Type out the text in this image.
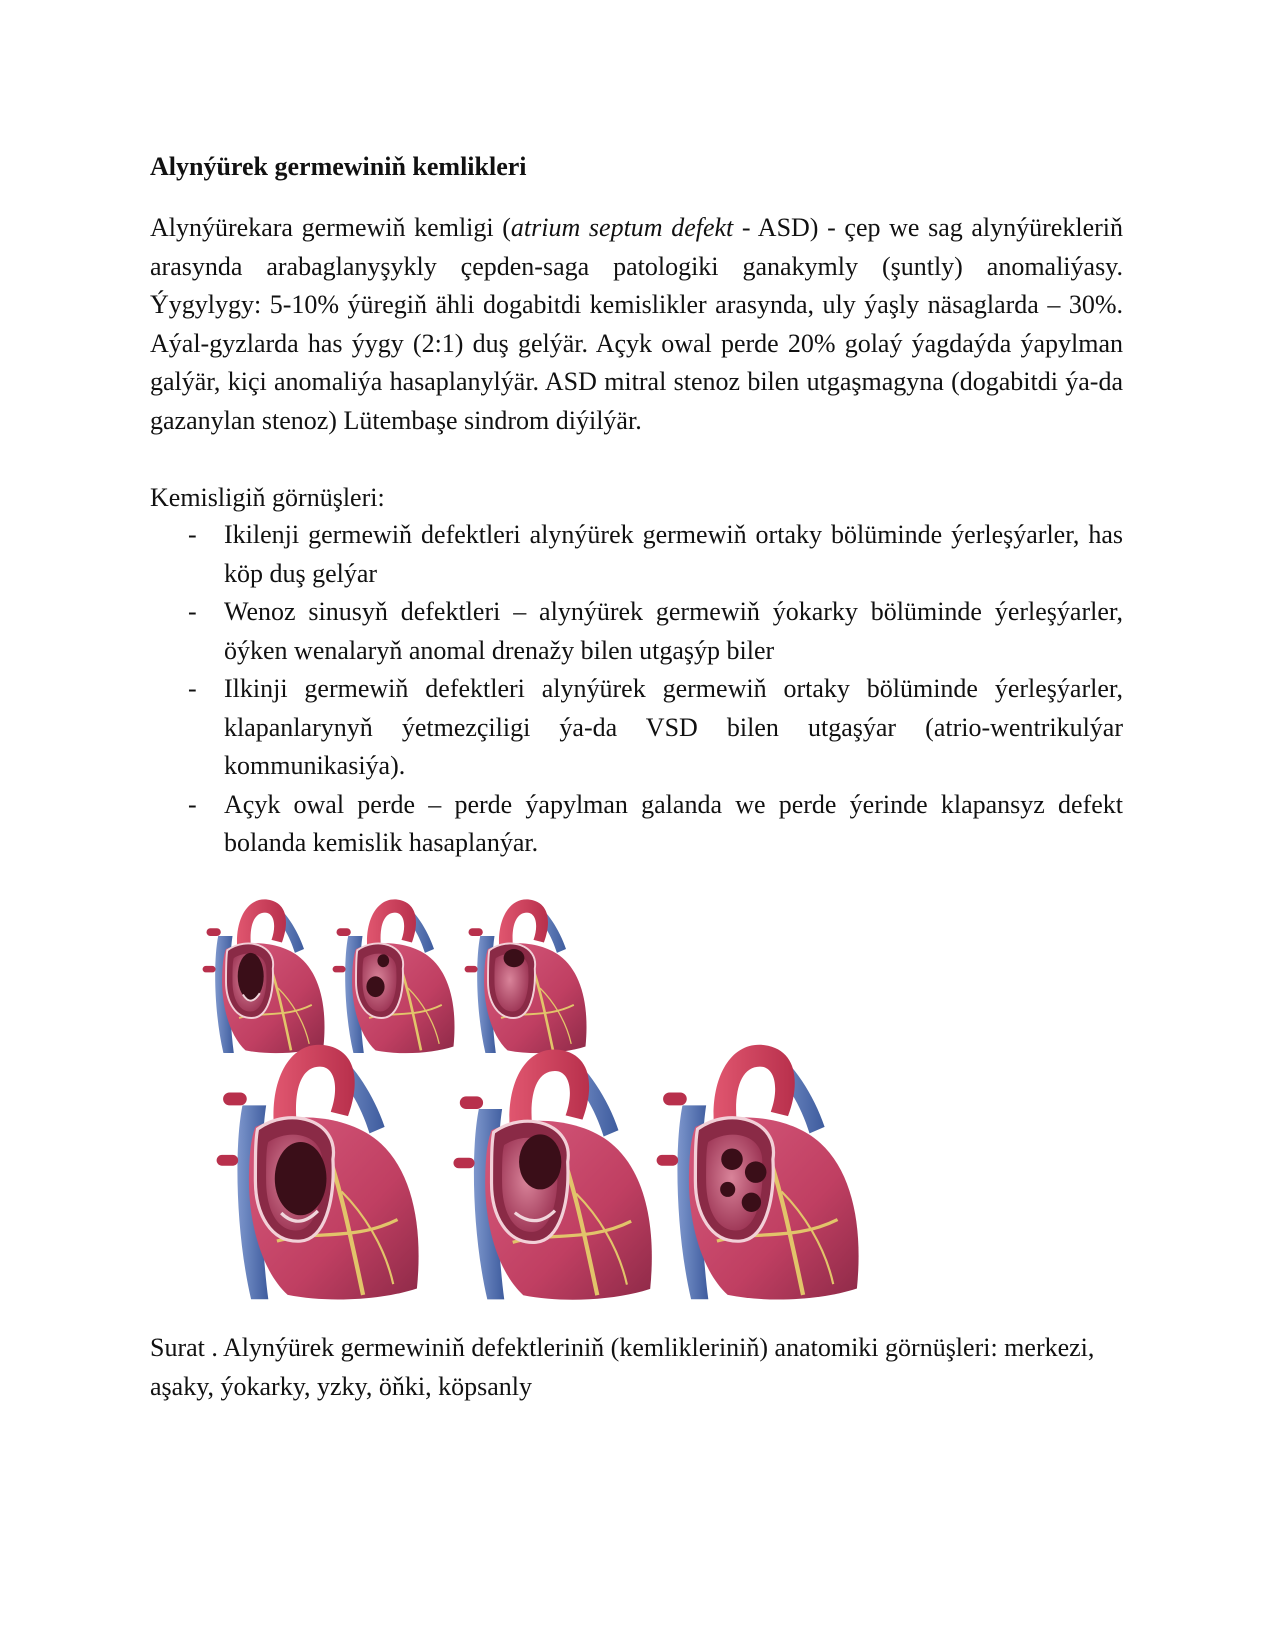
Alynýürek germewiniň kemlikleri

Alynýürekara germewiň kemligi (atrium septum defekt - ASD) - çep we sag alynýürekleriň arasynda arabaglanyşykly çepden-saga patologiki ganakymly (şuntly) anomaliýasy. Ýygylygy: 5-10% ýüregiň ähli dogabitdi kemislikler arasynda, uly ýaşly näsaglarda – 30%. Aýal-gyzlarda has ýygy (2:1) duş gelýär. Açyk owal perde 20% golaý ýagdaýda ýapylman galýär, kiçi anomaliýa hasaplanylýär. ASD mitral stenoz bilen utgaşmagyna (dogabitdi ýa-da gazanylan stenoz) Lütembaşe sindrom diýilýär.

Kemisligiň görnüşleri:

- Ikilenji germewiň defektleri alynýürek germewiň ortaky bölüminde ýerleşýarler, has köp duş gelýar
- Wenoz sinusyň defektleri – alynýürek germewiň ýokarky bölüminde ýerleşýarler, öýken wenalaryň anomal drenažy bilen utgaşýp biler
- Ilkinji germewiň defektleri alynýürek germewiň ortaky bölüminde ýerleşýarler, klapanlarynyň ýetmezçiligi ýa-da VSD bilen utgaşýar (atrio-wentrikulýar kommunikasiýa).
- Açyk owal perde – perde ýapylman galanda we perde ýerinde klapansyz defekt bolanda kemislik hasaplanýar.

Surat . Alynýürek germewiniň defektleriniň (kemlikleriniň) anatomiki görnüşleri: merkezi, aşaky, ýokarky, yzky, öňki, köpsanly
